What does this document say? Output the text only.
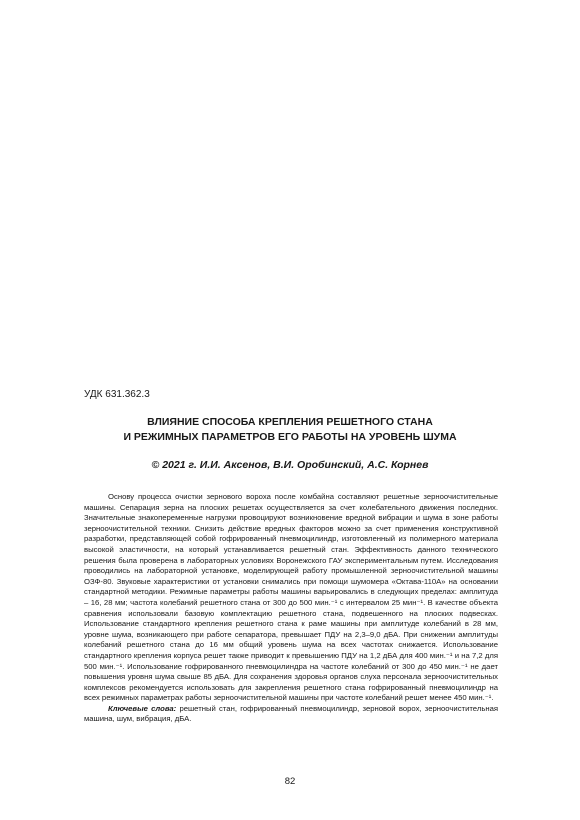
УДК 631.362.3
ВЛИЯНИЕ СПОСОБА КРЕПЛЕНИЯ РЕШЕТНОГО СТАНА
И РЕЖИМНЫХ ПАРАМЕТРОВ ЕГО РАБОТЫ НА УРОВЕНЬ ШУМА
© 2021 г. И.И. Аксенов, В.И. Оробинский, А.С. Корнев

Основу процесса очистки зернового вороха после комбайна составляют решетные зерноочистительные машины. Сепарация зерна на плоских решетах осуществляется за счет колебательного движения последних. Значительные знакопеременные нагрузки провоцируют возникновение вредной вибрации и шума в зоне работы зерноочистительной техники. Снизить действие вредных факторов можно за счет применения конструктивной разработки, представляющей собой гофрированный пневмоцилиндр, изготовленный из полимерного материала высокой эластичности, на который устанавливается решетный стан. Эффективность данного технического решения была проверена в лабораторных условиях Воронежского ГАУ экспериментальным путем. Исследования проводились на лабораторной установке, моделирующей работу промышленной зерноочистительной машины ОЗФ-80. Звуковые характеристики от установки снимались при помощи шумомера «Октава-110А» на основании стандартной методики. Режимные параметры работы машины варьировались в следующих пределах: амплитуда – 16, 28 мм; частота колебаний решетного стана от 300 до 500 мин.⁻¹ с интервалом 25 мин⁻¹. В качестве объекта сравнения использовали базовую комплектацию решетного стана, подвешенного на плоских подвесках. Использование стандартного крепления решетного стана к раме машины при амплитуде колебаний в 28 мм, уровне шума, возникающего при работе сепаратора, превышает ПДУ на 2,3–9,0 дБА. При снижении амплитуды колебаний решетного стана до 16 мм общий уровень шума на всех частотах снижается. Использование стандартного крепления корпуса решет также приводит к превышению ПДУ на 1,2 дБА для 400 мин.⁻¹ и на 7,2 для 500 мин.⁻¹. Использование гофрированного пневмоцилиндра на частоте колебаний от 300 до 450 мин.⁻¹ не дает повышения уровня шума свыше 85 дБА. Для сохранения здоровья органов слуха персонала зерноочистительных комплексов рекомендуется использовать для закрепления решетного стана гофрированный пневмоцилиндр на всех режимных параметрах работы зерноочистительной машины при частоте колебаний решет менее 450 мин.⁻¹.

Ключевые слова: решетный стан, гофрированный пневмоцилиндр, зерновой ворох, зерноочистительная машина, шум, вибрация, дБА.

82
